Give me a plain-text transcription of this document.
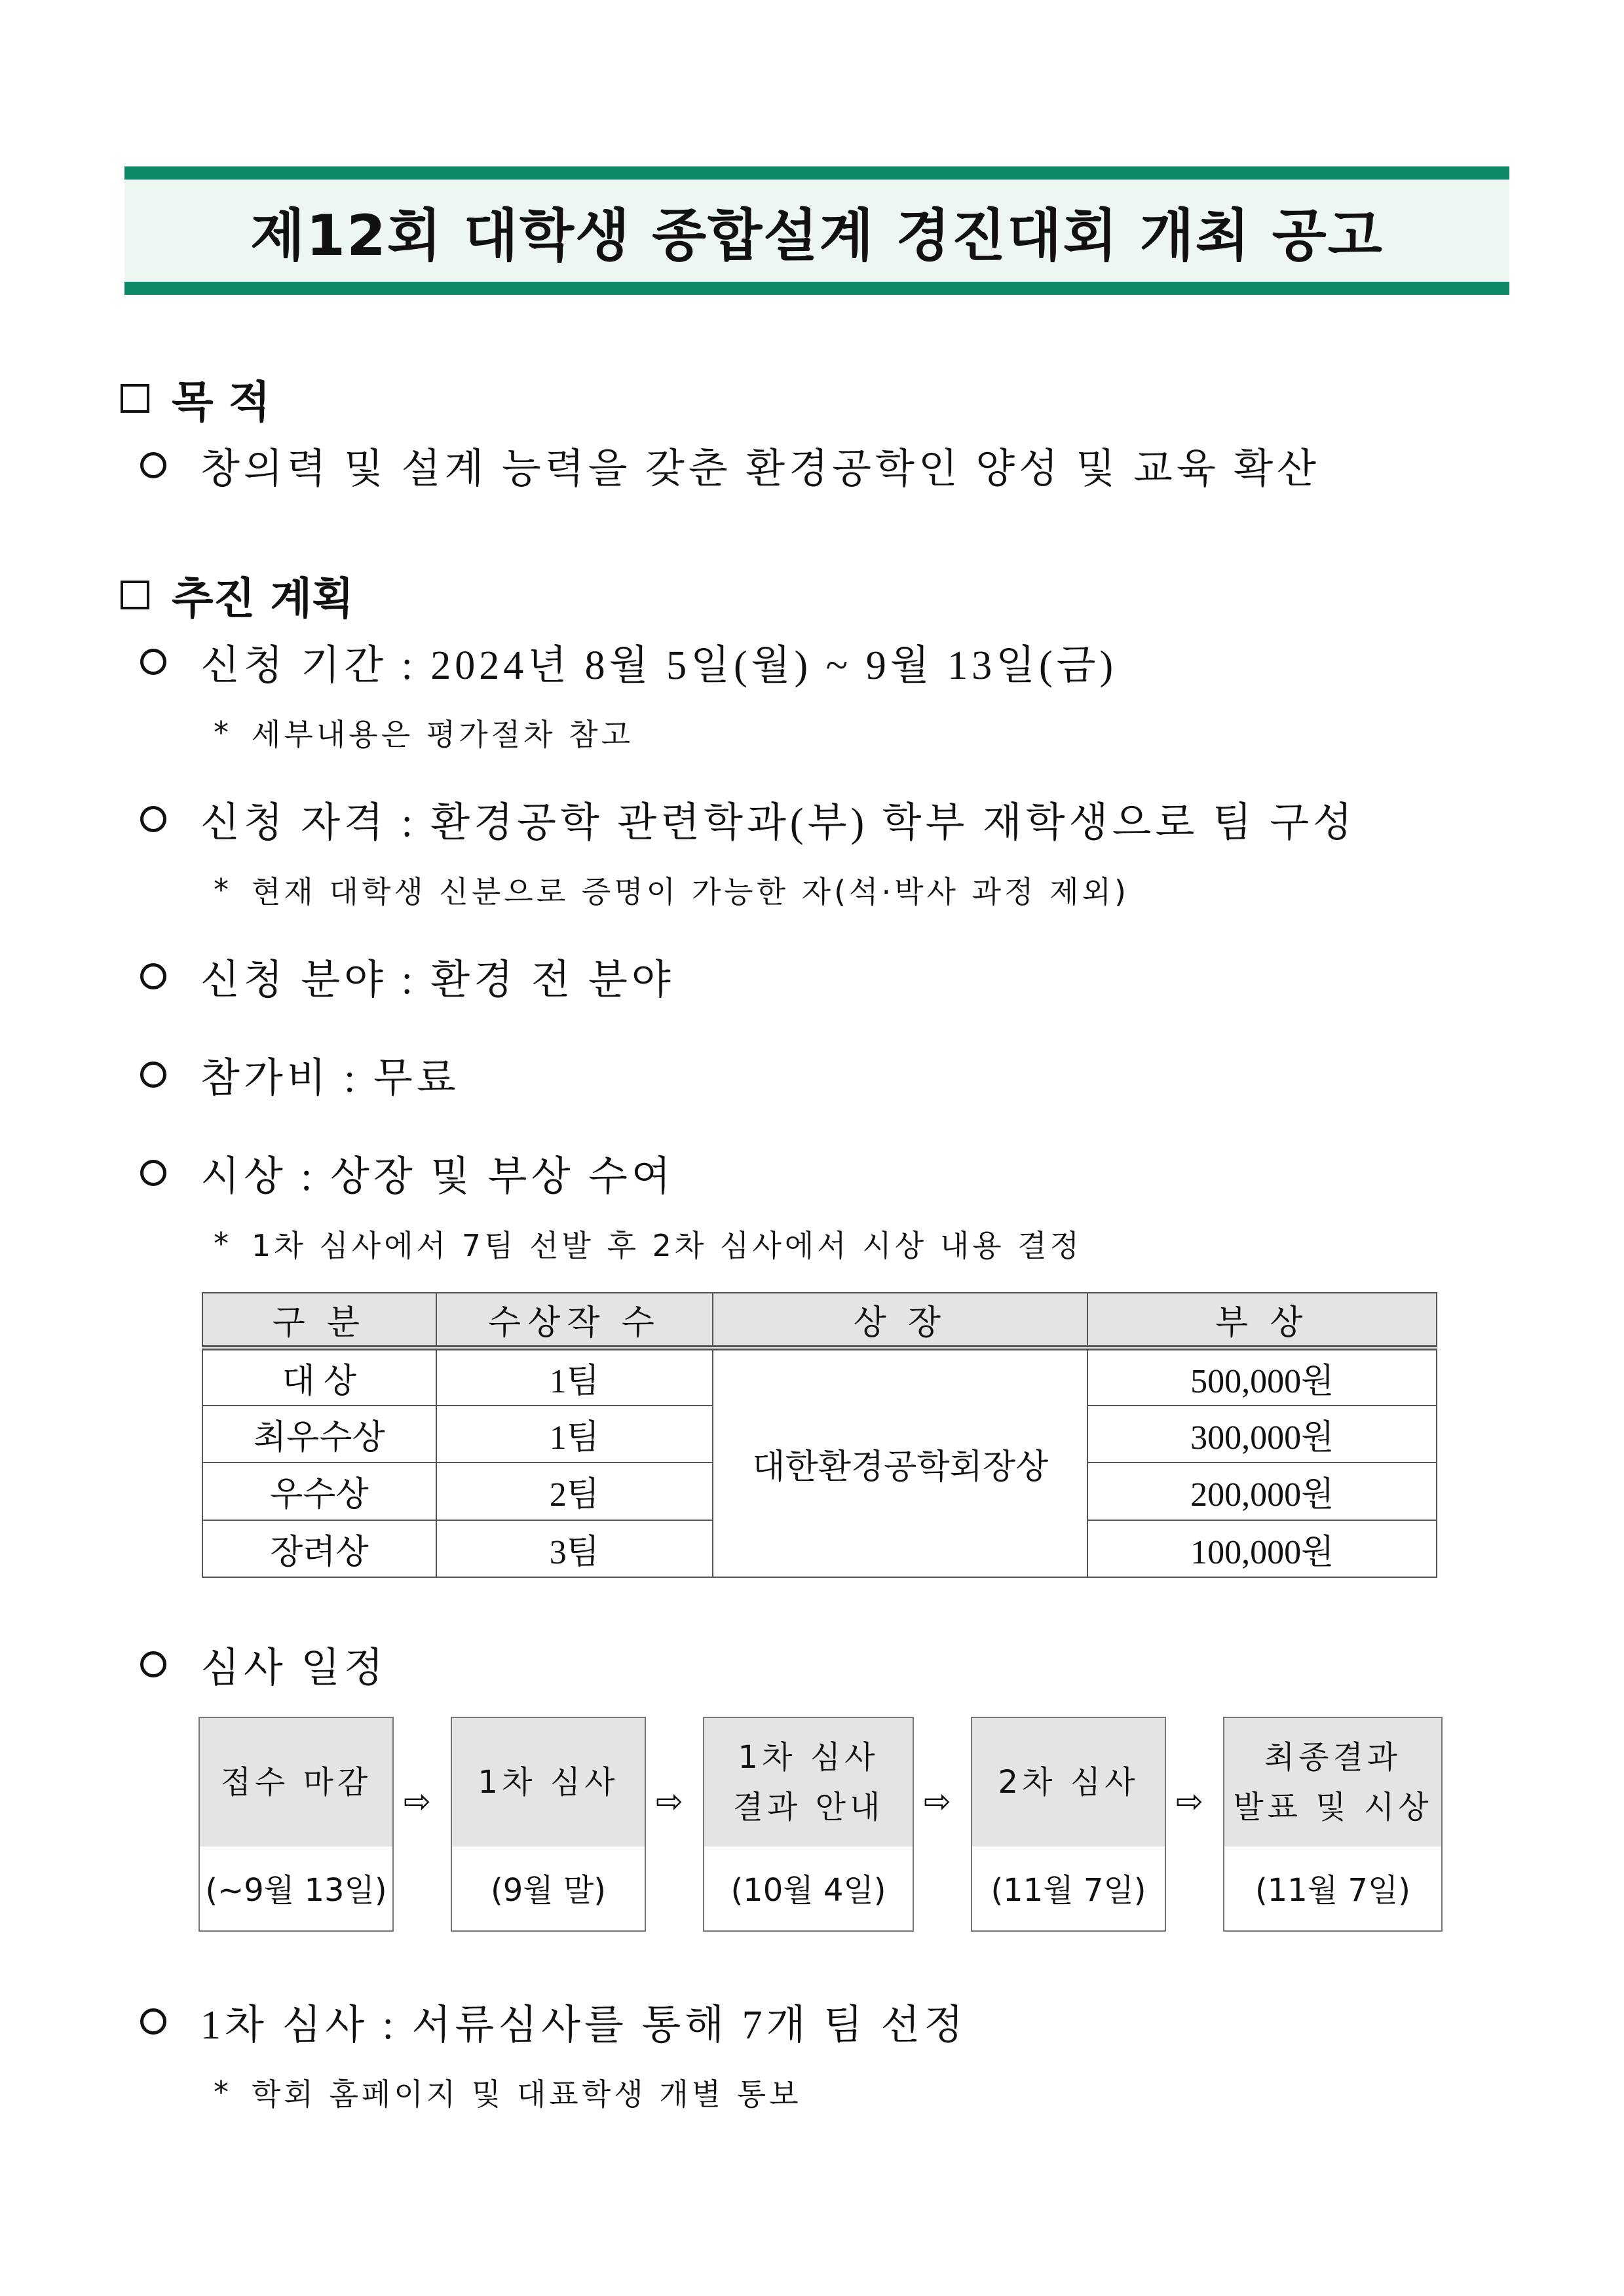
제12회 대학생 종합설계 경진대회 개최 공고
목 적
창의력 및 설계 능력을 갖춘 환경공학인 양성 및 교육 확산
추진 계획
신청 기간 : 2024년 8월 5일(월) ~ 9월 13일(금)
* 세부내용은 평가절차 참고
신청 자격 : 환경공학 관련학과(부) 학부 재학생으로 팀 구성
* 현재 대학생 신분으로 증명이 가능한 자(석·박사 과정 제외)
신청 분야 : 환경 전 분야
참가비 : 무료
시상 : 상장 및 부상 수여
* 1차 심사에서 7팀 선발 후 2차 심사에서 시상 내용 결정
구 분	수상작 수	상 장	부 상
대 상	1팀	대한환경공학회장상	500,000원
최우수상	1팀		300,000원
우수상	2팀		200,000원
장려상	3팀		100,000원
심사 일정
접수 마감
(~9월 13일)
⇨ 1차 심사
(9월 말)
⇨
1차 심사
결과 안내
(10월 4일)
⇨ 2차 심사
(11월 7일)
⇨
최종결과
발표 및 시상
(11월 7일)
1차 심사 : 서류심사를 통해 7개 팀 선정
* 학회 홈페이지 및 대표학생 개별 통보
